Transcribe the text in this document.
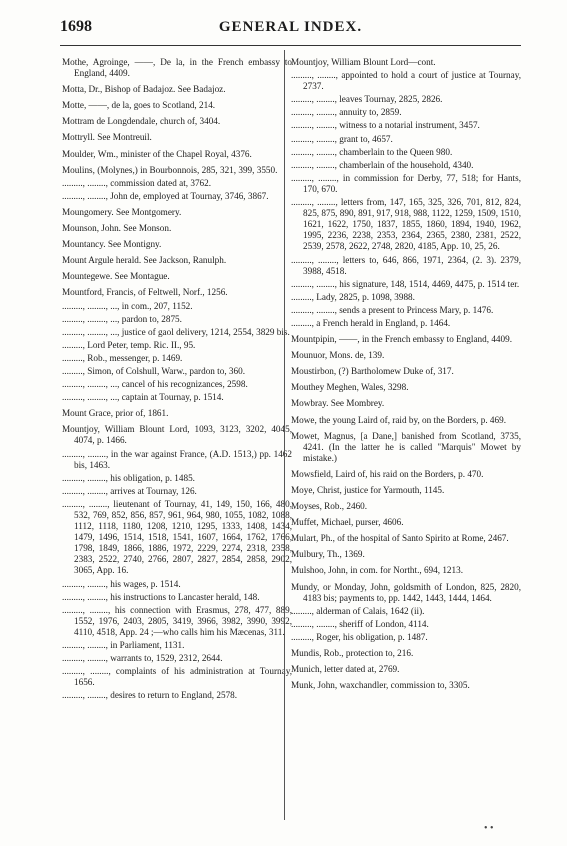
1698	GENERAL INDEX.
Mothe, Agroinge, ——, De la, in the French embassy to England, 4409.
Motta, Dr., Bishop of Badajoz. See Badajoz.
Motte, ——, de la, goes to Scotland, 214.
Mottram de Longdendale, church of, 3404.
Mottryll. See Montreuil.
Moulder, Wm., minister of the Chapel Royal, 4376.
Moulins, (Molynes,) in Bourbonnois, 285, 321, 399, 3550.
........., ........, commission dated at, 3762.
........., ........, John de, employed at Tournay, 3746, 3867.
Moungomery. See Montgomery.
Mounson, John. See Monson.
Mountancy. See Montigny.
Mount Argule herald. See Jackson, Ranulph.
Mountegewe. See Montague.
Mountford, Francis, of Feltwell, Norf., 1256.
........., ........, ..., in com., 207, 1152.
........., ........, ..., pardon to, 2875.
........., ........, ..., justice of gaol delivery, 1214, 2554, 3829 bis.
........., Lord Peter, temp. Ric. II., 95.
........., Rob., messenger, p. 1469.
........., Simon, of Colshull, Warw., pardon to, 360.
........., ........, ..., cancel of his recognizances, 2598.
........., ........, ..., captain at Tournay, p. 1514.
Mount Grace, prior of, 1861.
Mountjoy, William Blount Lord, 1093, 3123, 3202, 4045, 4074, p. 1466.
........., ........, in the war against France, (A.D. 1513,) pp. 1462 bis, 1463.
........., ........, his obligation, p. 1485.
........., ........, arrives at Tournay, 126.
........., ........, lieutenant of Tournay, 41, 149, 150, 166, 480, 532, 769, 852, 856, 857, 961, 964, 980, 1055, 1082, 1088, 1112, 1118, 1180, 1208, 1210, 1295, 1333, 1408, 1434, 1479, 1496, 1514, 1518, 1541, 1607, 1664, 1762, 1766, 1798, 1849, 1866, 1886, 1972, 2229, 2274, 2318, 2358, 2383, 2522, 2740, 2766, 2807, 2827, 2854, 2858, 2902, 3065, App. 16.
........., ........, his wages, p. 1514.
........., ........, his instructions to Lancaster herald, 148.
........., ........, his connection with Erasmus, 278, 477, 889, 1552, 1976, 2403, 2805, 3419, 3966, 3982, 3990, 3992, 4110, 4518, App. 24 ;—who calls him his Mæcenas, 311.
........., ........, in Parliament, 1131.
........., ........, warrants to, 1529, 2312, 2644.
........., ........, complaints of his administration at Tournay, 1656.
........., ........, desires to return to England, 2578.
Mountjoy, William Blount Lord—cont.
........., ........, appointed to hold a court of justice at Tournay, 2737.
........., ........, leaves Tournay, 2825, 2826.
........., ........, annuity to, 2859.
........., ........, witness to a notarial instrument, 3457.
........., ........, grant to, 4657.
........., ........, chamberlain to the Queen 980.
........., ........, chamberlain of the household, 4340.
........., ........, in commission for Derby, 77, 518; for Hants, 170, 670.
........., ........, letters from, 147, 165, 325, 326, 701, 812, 824, 825, 875, 890, 891, 917, 918, 988, 1122, 1259, 1509, 1510, 1621, 1622, 1750, 1837, 1855, 1860, 1894, 1940, 1962, 1995, 2236, 2238, 2353, 2364, 2365, 2380, 2381, 2522, 2539, 2578, 2622, 2748, 2820, 4185, App. 10, 25, 26.
........., ........, letters to, 646, 866, 1971, 2364, (2. 3). 2379, 3988, 4518.
........., ........, his signature, 148, 1514, 4469, 4475, p. 1514 ter.
........., Lady, 2825, p. 1098, 3988.
........., ........, sends a present to Princess Mary, p. 1476.
........., a French herald in England, p. 1464.
Mountpipin, ——, in the French embassy to England, 4409.
Mounuor, Mons. de, 139.
Moustirbon, (?) Bartholomew Duke of, 317.
Mouthey Meghen, Wales, 3298.
Mowbray. See Mombrey.
Mowe, the young Laird of, raid by, on the Borders, p. 469.
Mowet, Magnus, [a Dane,] banished from Scotland, 3735, 4241. (In the latter he is called "Marquis" Mowet by mistake.)
Mowsfield, Laird of, his raid on the Borders, p. 470.
Moye, Christ, justice for Yarmouth, 1145.
Moyses, Rob., 2460.
Muffet, Michael, purser, 4606.
Mulart, Ph., of the hospital of Santo Spirito at Rome, 2467.
Mulbury, Th., 1369.
Mulshoo, John, in com. for Northt., 694, 1213.
Mundy, or Monday, John, goldsmith of London, 825, 2820, 4183 bis; payments to, pp. 1442, 1443, 1444, 1464.
........., alderman of Calais, 1642 (ii).
........., ........, sheriff of London, 4114.
........., Roger, his obligation, p. 1487.
Mundis, Rob., protection to, 216.
Munich, letter dated at, 2769.
Munk, John, waxchandler, commission to, 3305.
• •
